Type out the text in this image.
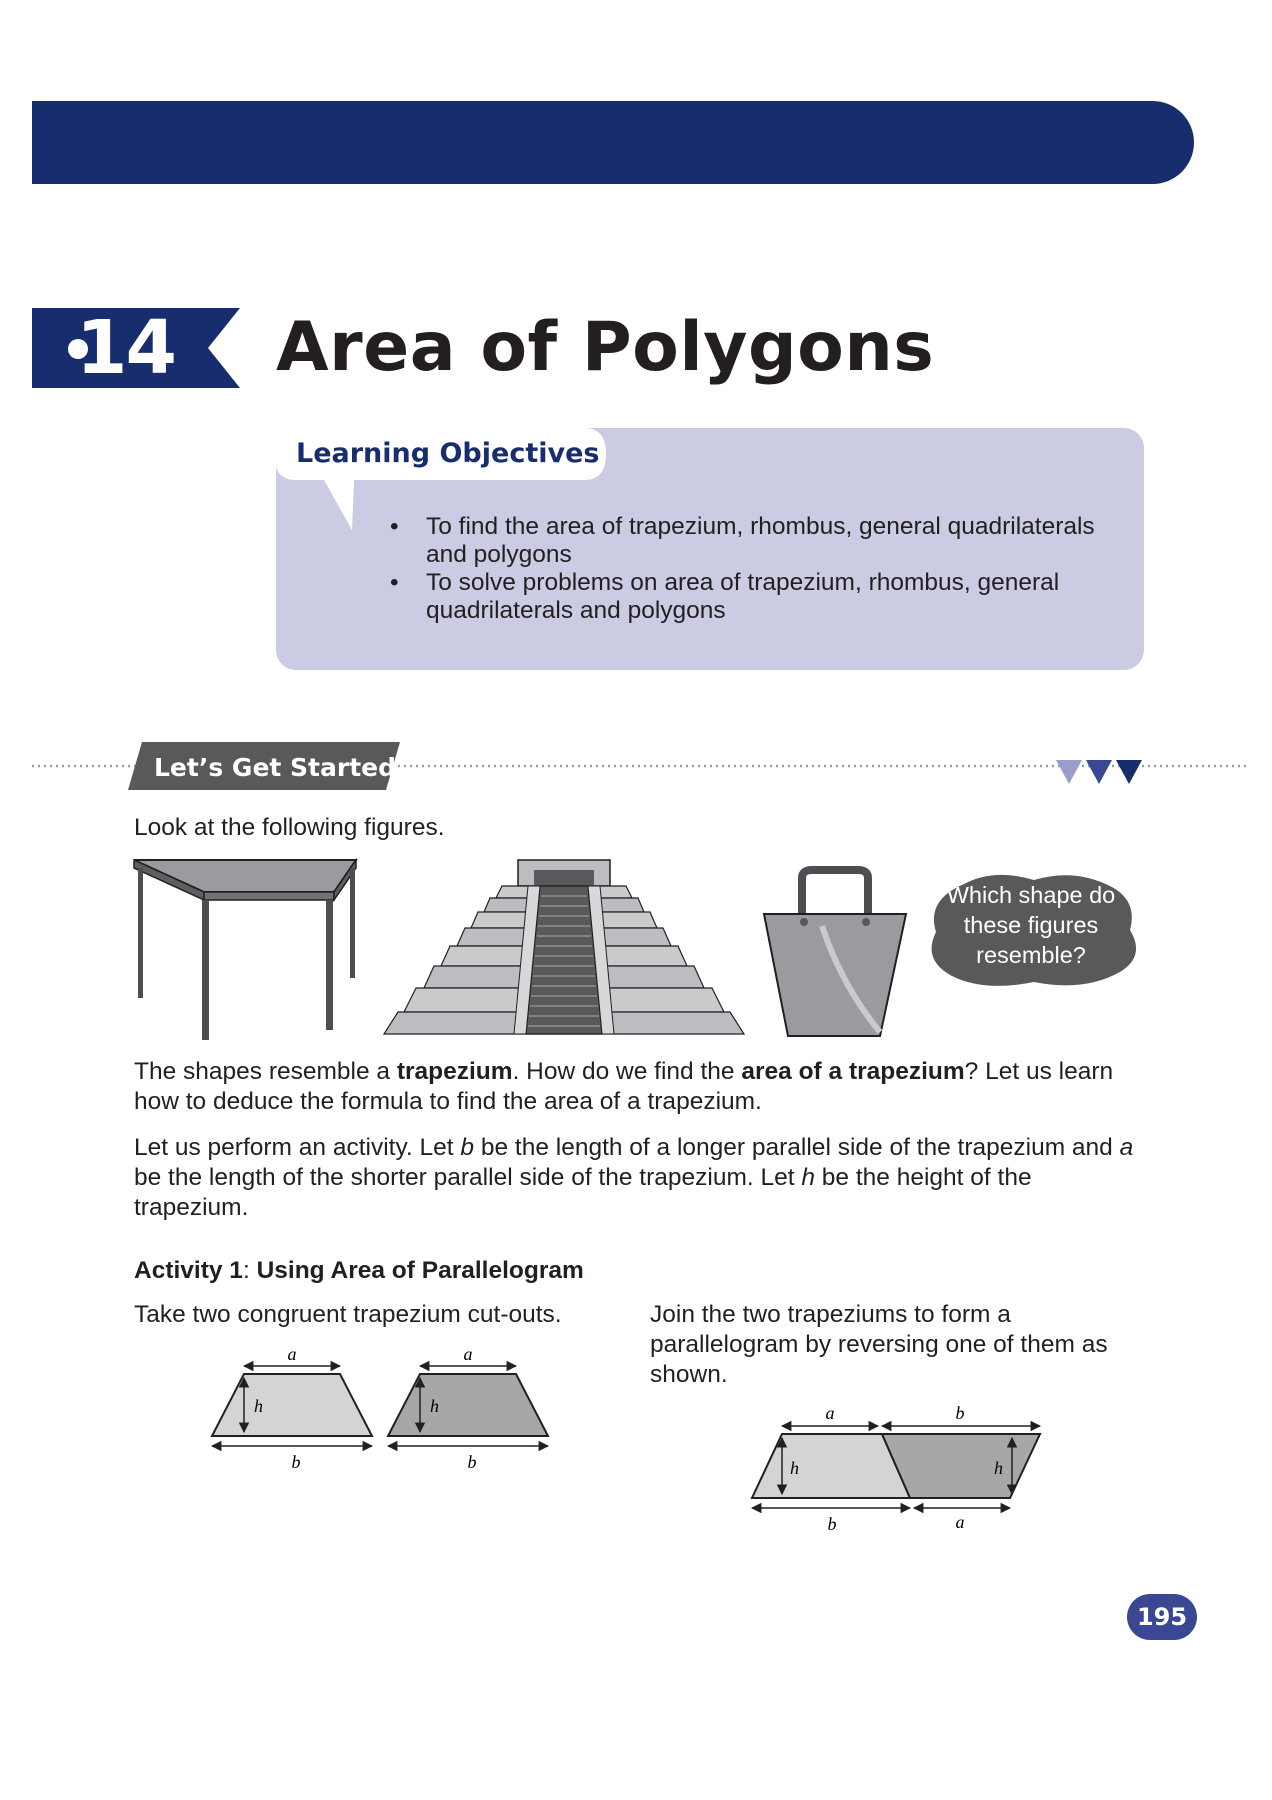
14 Area of Polygons
Learning Objectives
• To find the area of trapezium, rhombus, general quadrilaterals and polygons
• To solve problems on area of trapezium, rhombus, general quadrilaterals and polygons
Let’s Get Started
Look at the following figures.
Which shape do these figures resemble?
The shapes resemble a trapezium. How do we find the area of a trapezium? Let us learn how to deduce the formula to find the area of a trapezium.
Let us perform an activity. Let b be the length of a longer parallel side of the trapezium and a be the length of the shorter parallel side of the trapezium. Let h be the height of the trapezium.
Activity 1: Using Area of Parallelogram
Take two congruent trapezium cut-outs.	Join the two trapeziums to form a parallelogram by reversing one of them as shown.
a
h
b
a
h
b
a	b
h	h
b	a
195
